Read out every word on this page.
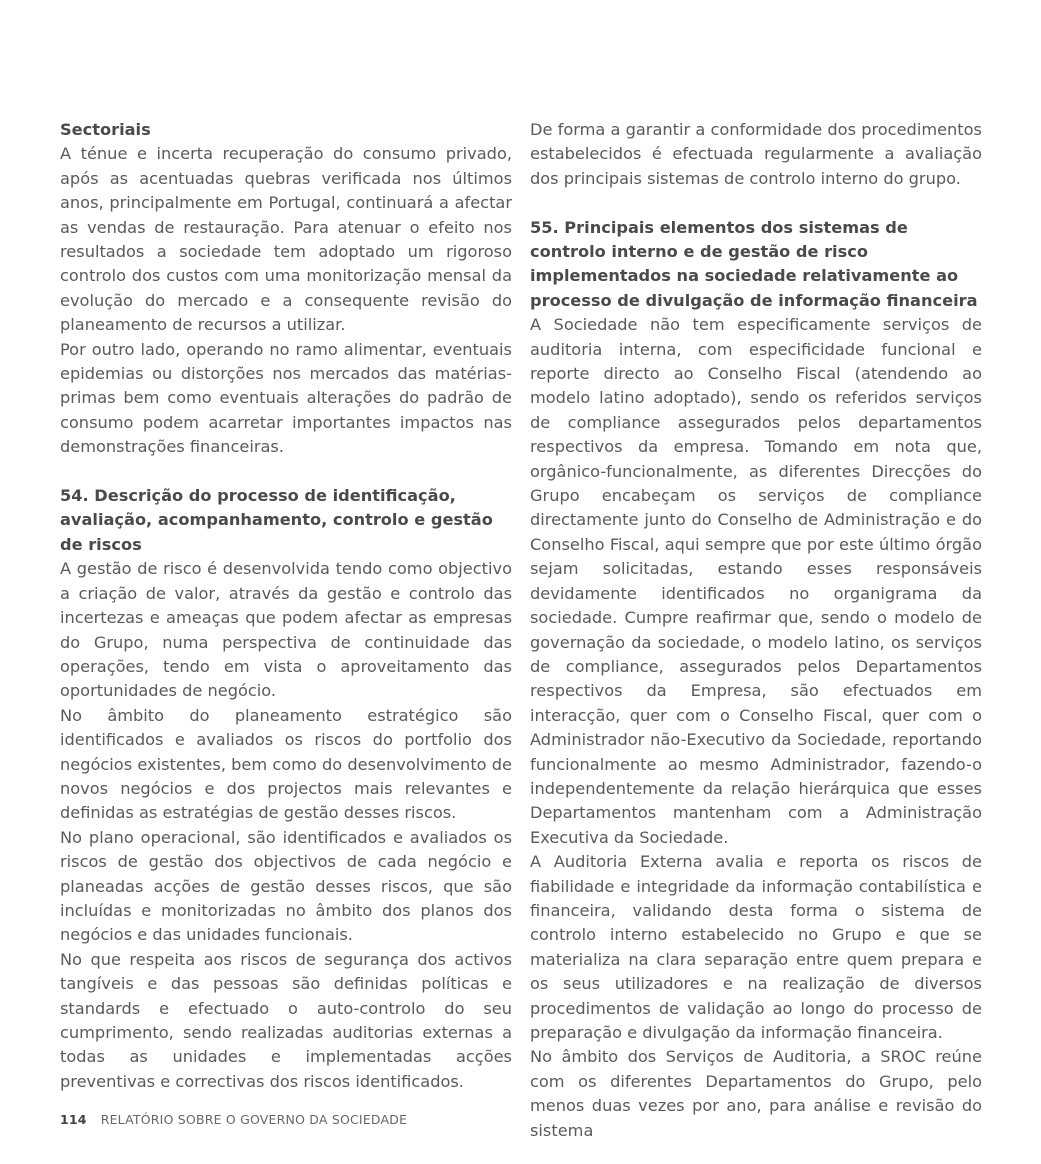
Sectoriais

A ténue e incerta recuperação do consumo privado, após as acentuadas quebras verificada nos últimos anos, principalmente em Portugal, continuará a afectar as vendas de restauração. Para atenuar o efeito nos resultados a sociedade tem adoptado um rigoroso controlo dos custos com uma monitorização mensal da evolução do mercado e a consequente revisão do planeamento de recursos a utilizar.

Por outro lado, operando no ramo alimentar, eventuais epidemias ou distorções nos mercados das matérias-primas bem como eventuais alterações do padrão de consumo podem acarretar importantes impactos nas demonstrações financeiras.

54. Descrição do processo de identificação, avaliação, acompanhamento, controlo e gestão de riscos

A gestão de risco é desenvolvida tendo como objectivo a criação de valor, através da gestão e controlo das incertezas e ameaças que podem afectar as empresas do Grupo, numa perspectiva de continuidade das operações, tendo em vista o aproveitamento das oportunidades de negócio.

No âmbito do planeamento estratégico são identificados e avaliados os riscos do portfolio dos negócios existentes, bem como do desenvolvimento de novos negócios e dos projectos mais relevantes e definidas as estratégias de gestão desses riscos.

No plano operacional, são identificados e avaliados os riscos de gestão dos objectivos de cada negócio e planeadas acções de gestão desses riscos, que são incluídas e monitorizadas no âmbito dos planos dos negócios e das unidades funcionais.

No que respeita aos riscos de segurança dos activos tangíveis e das pessoas são definidas políticas e standards e efectuado o auto-controlo do seu cumprimento, sendo realizadas auditorias externas a todas as unidades e implementadas acções preventivas e correctivas dos riscos identificados.

De forma a garantir a conformidade dos procedimentos estabelecidos é efectuada regularmente a avaliação dos principais sistemas de controlo interno do grupo.

55. Principais elementos dos sistemas de controlo interno e de gestão de risco implementados na sociedade relativamente ao processo de divulgação de informação financeira

A Sociedade não tem especificamente serviços de auditoria interna, com especificidade funcional e reporte directo ao Conselho Fiscal (atendendo ao modelo latino adoptado), sendo os referidos serviços de compliance assegurados pelos departamentos respectivos da empresa. Tomando em nota que, orgânico-funcionalmente, as diferentes Direcções do Grupo encabeçam os serviços de compliance directamente junto do Conselho de Administração e do Conselho Fiscal, aqui sempre que por este último órgão sejam solicitadas, estando esses responsáveis devidamente identificados no organigrama da sociedade. Cumpre reafirmar que, sendo o modelo de governação da sociedade, o modelo latino, os serviços de compliance, assegurados pelos Departamentos respectivos da Empresa, são efectuados em interacção, quer com o Conselho Fiscal, quer com o Administrador não-Executivo da Sociedade, reportando funcionalmente ao mesmo Administrador, fazendo-o independentemente da relação hierárquica que esses Departamentos mantenham com a Administração Executiva da Sociedade.

A Auditoria Externa avalia e reporta os riscos de fiabilidade e integridade da informação contabilística e financeira, validando desta forma o sistema de controlo interno estabelecido no Grupo e que se materializa na clara separação entre quem prepara e os seus utilizadores e na realização de diversos procedimentos de validação ao longo do processo de preparação e divulgação da informação financeira.

No âmbito dos Serviços de Auditoria, a SROC reúne com os diferentes Departamentos do Grupo, pelo menos duas vezes por ano, para análise e revisão do sistema

114 RELATÓRIO SOBRE O GOVERNO DA SOCIEDADE
